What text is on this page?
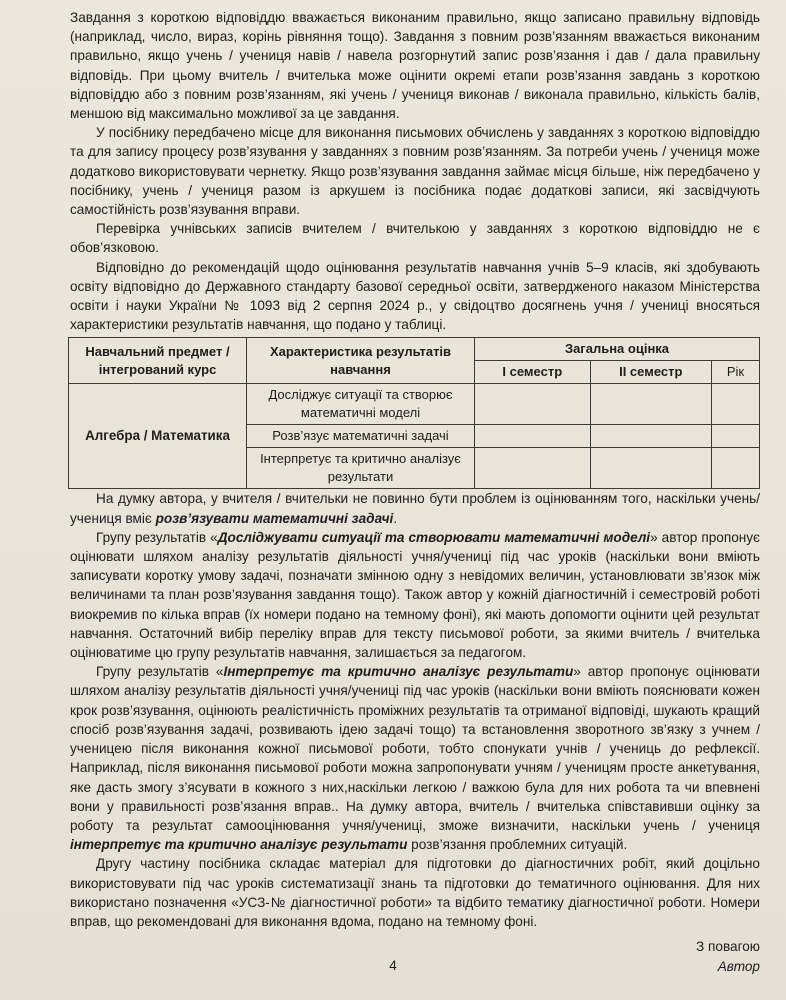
Завдання з короткою відповіддю вважається виконаним правильно, якщо записано правильну відповідь (наприклад, число, вираз, корінь рівняння тощо). Завдання з повним розв’язанням вважається виконаним правильно, якщо учень / учениця навів / навела розгорнутий запис розв’язання і дав / дала правильну відповідь. При цьому вчитель / вчителька може оцінити окремі етапи розв’язання завдань з короткою відповіддю або з повним розв’язанням, які учень / учениця виконав / виконала правильно, кількість балів, меншою від максимально можливої за це завдання.

У посібнику передбачено місце для виконання письмових обчислень у завданнях з короткою відповіддю та для запису процесу розв’язування у завданнях з повним розв’язанням. За потреби учень / учениця може додатково використовувати чернетку. Якщо розв’язування завдання займає місця більше, ніж передбачено у посібнику, учень / учениця разом із аркушем із посібника подає додаткові записи, які засвідчують самостійність розв’язування вправи.

Перевірка учнівських записів вчителем / вчителькою у завданнях з короткою відповіддю не є обов’язковою.

Відповідно до рекомендацій щодо оцінювання результатів навчання учнів 5–9 класів, які здобувають освіту відповідно до Державного стандарту базової середньої освіти, затвердженого наказом Міністерства освіти і науки України № 1093 від 2 серпня 2024 р., у свідоцтво досягнень учня / учениці вносяться характеристики результатів навчання, що подано у таблиці.

Навчальний предмет / інтегрований курс	Характеристика результатів навчання	Загальна оцінка		
		І семестр	ІІ семестр	Рік
Алгебра / Математика	Досліджує ситуації та створює математичні моделі			
	Розв’язує математичні задачі			
	Інтерпретує та критично аналізує результати			

На думку автора, у вчителя / вчительки не повинно бути проблем із оцінюванням того, наскільки учень/ учениця вміє розв’язувати математичні задачі.

Групу результатів «Досліджувати ситуації та створювати математичні моделі» автор пропонує оцінювати шляхом аналізу результатів діяльності учня/учениці під час уроків (наскільки вони вміють записувати коротку умову задачі, позначати змінною одну з невідомих величин, установлювати зв’язок між величинами та план розв’язування завдання тощо). Також автор у кожній діагностичній і семестровій роботі виокремив по кілька вправ (їх номери подано на темному фоні), які мають допомогти оцінити цей результат навчання. Остаточний вибір переліку вправ для тексту письмової роботи, за якими вчитель / вчителька оцінюватиме цю групу результатів навчання, залишається за педагогом.

Групу результатів «Інтерпретує та критично аналізує результати» автор пропонує оцінювати шляхом аналізу результатів діяльності учня/учениці під час уроків (наскільки вони вміють пояснювати кожен крок розв’язування, оцінюють реалістичність проміжних результатів та отриманої відповіді, шукають кращий спосіб розв’язування задачі, розвивають ідею задачі тощо) та встановлення зворотного зв’язку з учнем / ученицею після виконання кожної письмової роботи, тобто спонукати учнів / учениць до рефлексії. Наприклад, після виконання письмової роботи можна запропонувати учням / ученицям просте анкетування, яке дасть змогу з’ясувати в кожного з них,наскільки легкою / важкою була для них робота та чи впевнені вони у правильності розв’язання вправ.. На думку автора, вчитель / вчителька співставивши оцінку за роботу та результат самооцінювання учня/учениці, зможе визначити, наскільки учень / учениця інтерпретує та критично аналізує результати розв’язання проблемних ситуацій.

Другу частину посібника складає матеріал для підготовки до діагностичних робіт, який доцільно використовувати під час уроків систематизації знань та підготовки до тематичного оцінювання. Для них використано позначення «УСЗ-№ діагностичної роботи» та відбито тематику діагностичної роботи. Номери вправ, що рекомендовані для виконання вдома, подано на темному фоні.

З повагою
Автор
4
